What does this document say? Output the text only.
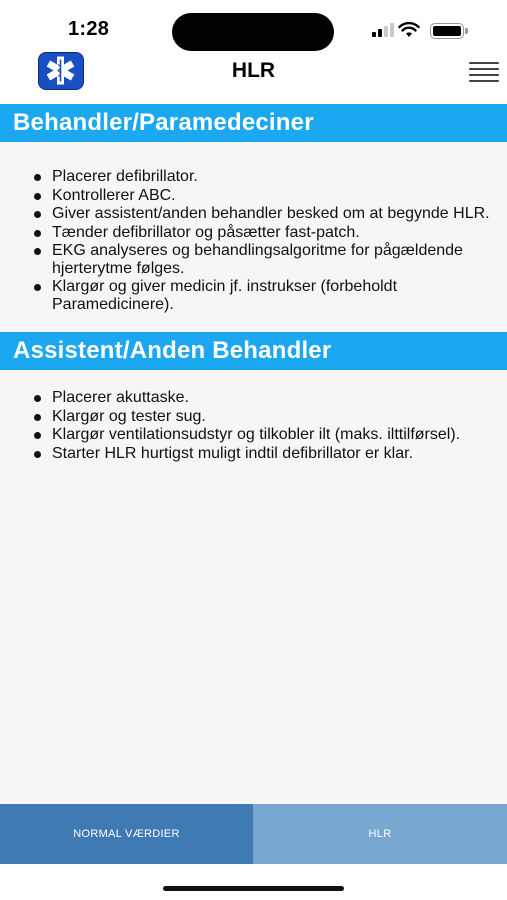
1:28
HLR
Behandler/Paramedeciner
Placerer defibrillator.
Kontrollerer ABC.
Giver assistent/anden behandler besked om at begynde HLR.
Tænder defibrillator og påsætter fast-patch.
EKG analyseres og behandlingsalgoritme for pågældende hjerterytme følges.
Klargør og giver medicin jf. instrukser (forbeholdt Paramedicinere).
Assistent/Anden Behandler
Placerer akuttaske.
Klargør og tester sug.
Klargør ventilationsudstyr og tilkobler ilt (maks. ilttilførsel).
Starter HLR hurtigst muligt indtil defibrillator er klar.
NORMAL VÆRDIER	HLR
